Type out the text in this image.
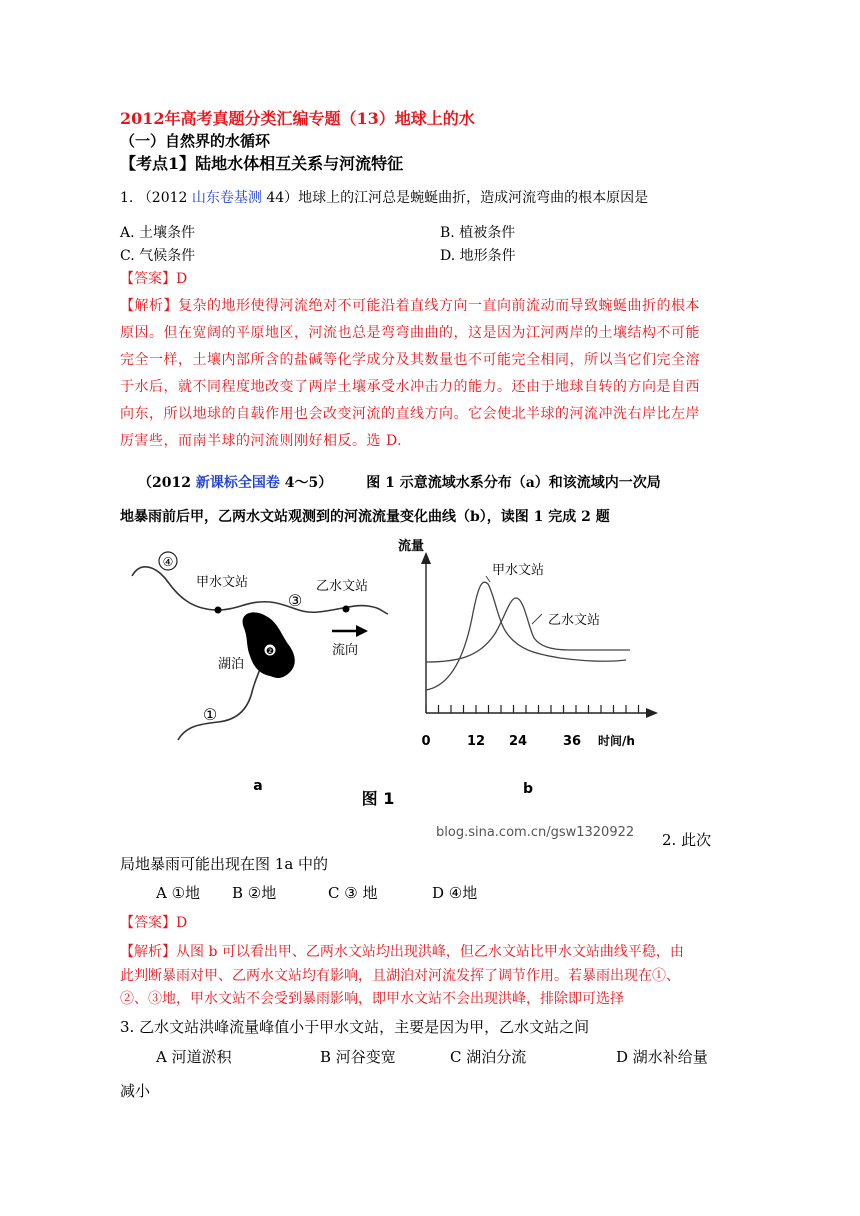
2012年高考真题分类汇编专题（13）地球上的水
（一）自然界的水循环
【考点1】陆地水体相互关系与河流特征
1. （2012 山东卷基测 44）地球上的江河总是蜿蜒曲折，造成河流弯曲的根本原因是
A. 土壤条件	B. 植被条件
C. 气候条件	D. 地形条件
【答案】D
【解析】复杂的地形使得河流绝对不可能沿着直线方向一直向前流动而导致蜿蜒曲折的根本
原因。但在宽阔的平原地区，河流也总是弯弯曲曲的，这是因为江河两岸的土壤结构不可能
完全一样，土壤内部所含的盐碱等化学成分及其数量也不可能完全相同，所以当它们完全溶
于水后，就不同程度地改变了两岸土壤承受水冲击力的能力。还由于地球自转的方向是自西
向东，所以地球的自载作用也会改变河流的直线方向。它会使北半球的河流冲洗右岸比左岸
厉害些，而南半球的河流则刚好相反。选 D.
（2012 新课标全国卷 4～5） 图 1 示意流域水系分布（a）和该流域内一次局
地暴雨前后甲，乙两水文站观测到的河流流量变化曲线（b），读图 1 完成 2 题
④
③
①
甲水文站	乙水文站
❷
湖泊
流向
a
流量
0	12 24	36 时间/h
甲水文站
乙水文站
b
图 1
blog.sina.com.cn/gsw1320922 2. 此次
局地暴雨可能出现在图 1a 中的
A ①地 B ②地	C ③ 地	D ④地
【答案】D
【解析】从图 b 可以看出甲、乙两水文站均出现洪峰，但乙水文站比甲水文站曲线平稳，由
此判断暴雨对甲、乙两水文站均有影响，且湖泊对河流发挥了调节作用。若暴雨出现在①、
②、③地，甲水文站不会受到暴雨影响，即甲水文站不会出现洪峰，排除即可选择
3. 乙水文站洪峰流量峰值小于甲水文站，主要是因为甲，乙水文站之间
A 河道淤积	B 河谷变宽	C 湖泊分流	D 湖水补给量
减小
